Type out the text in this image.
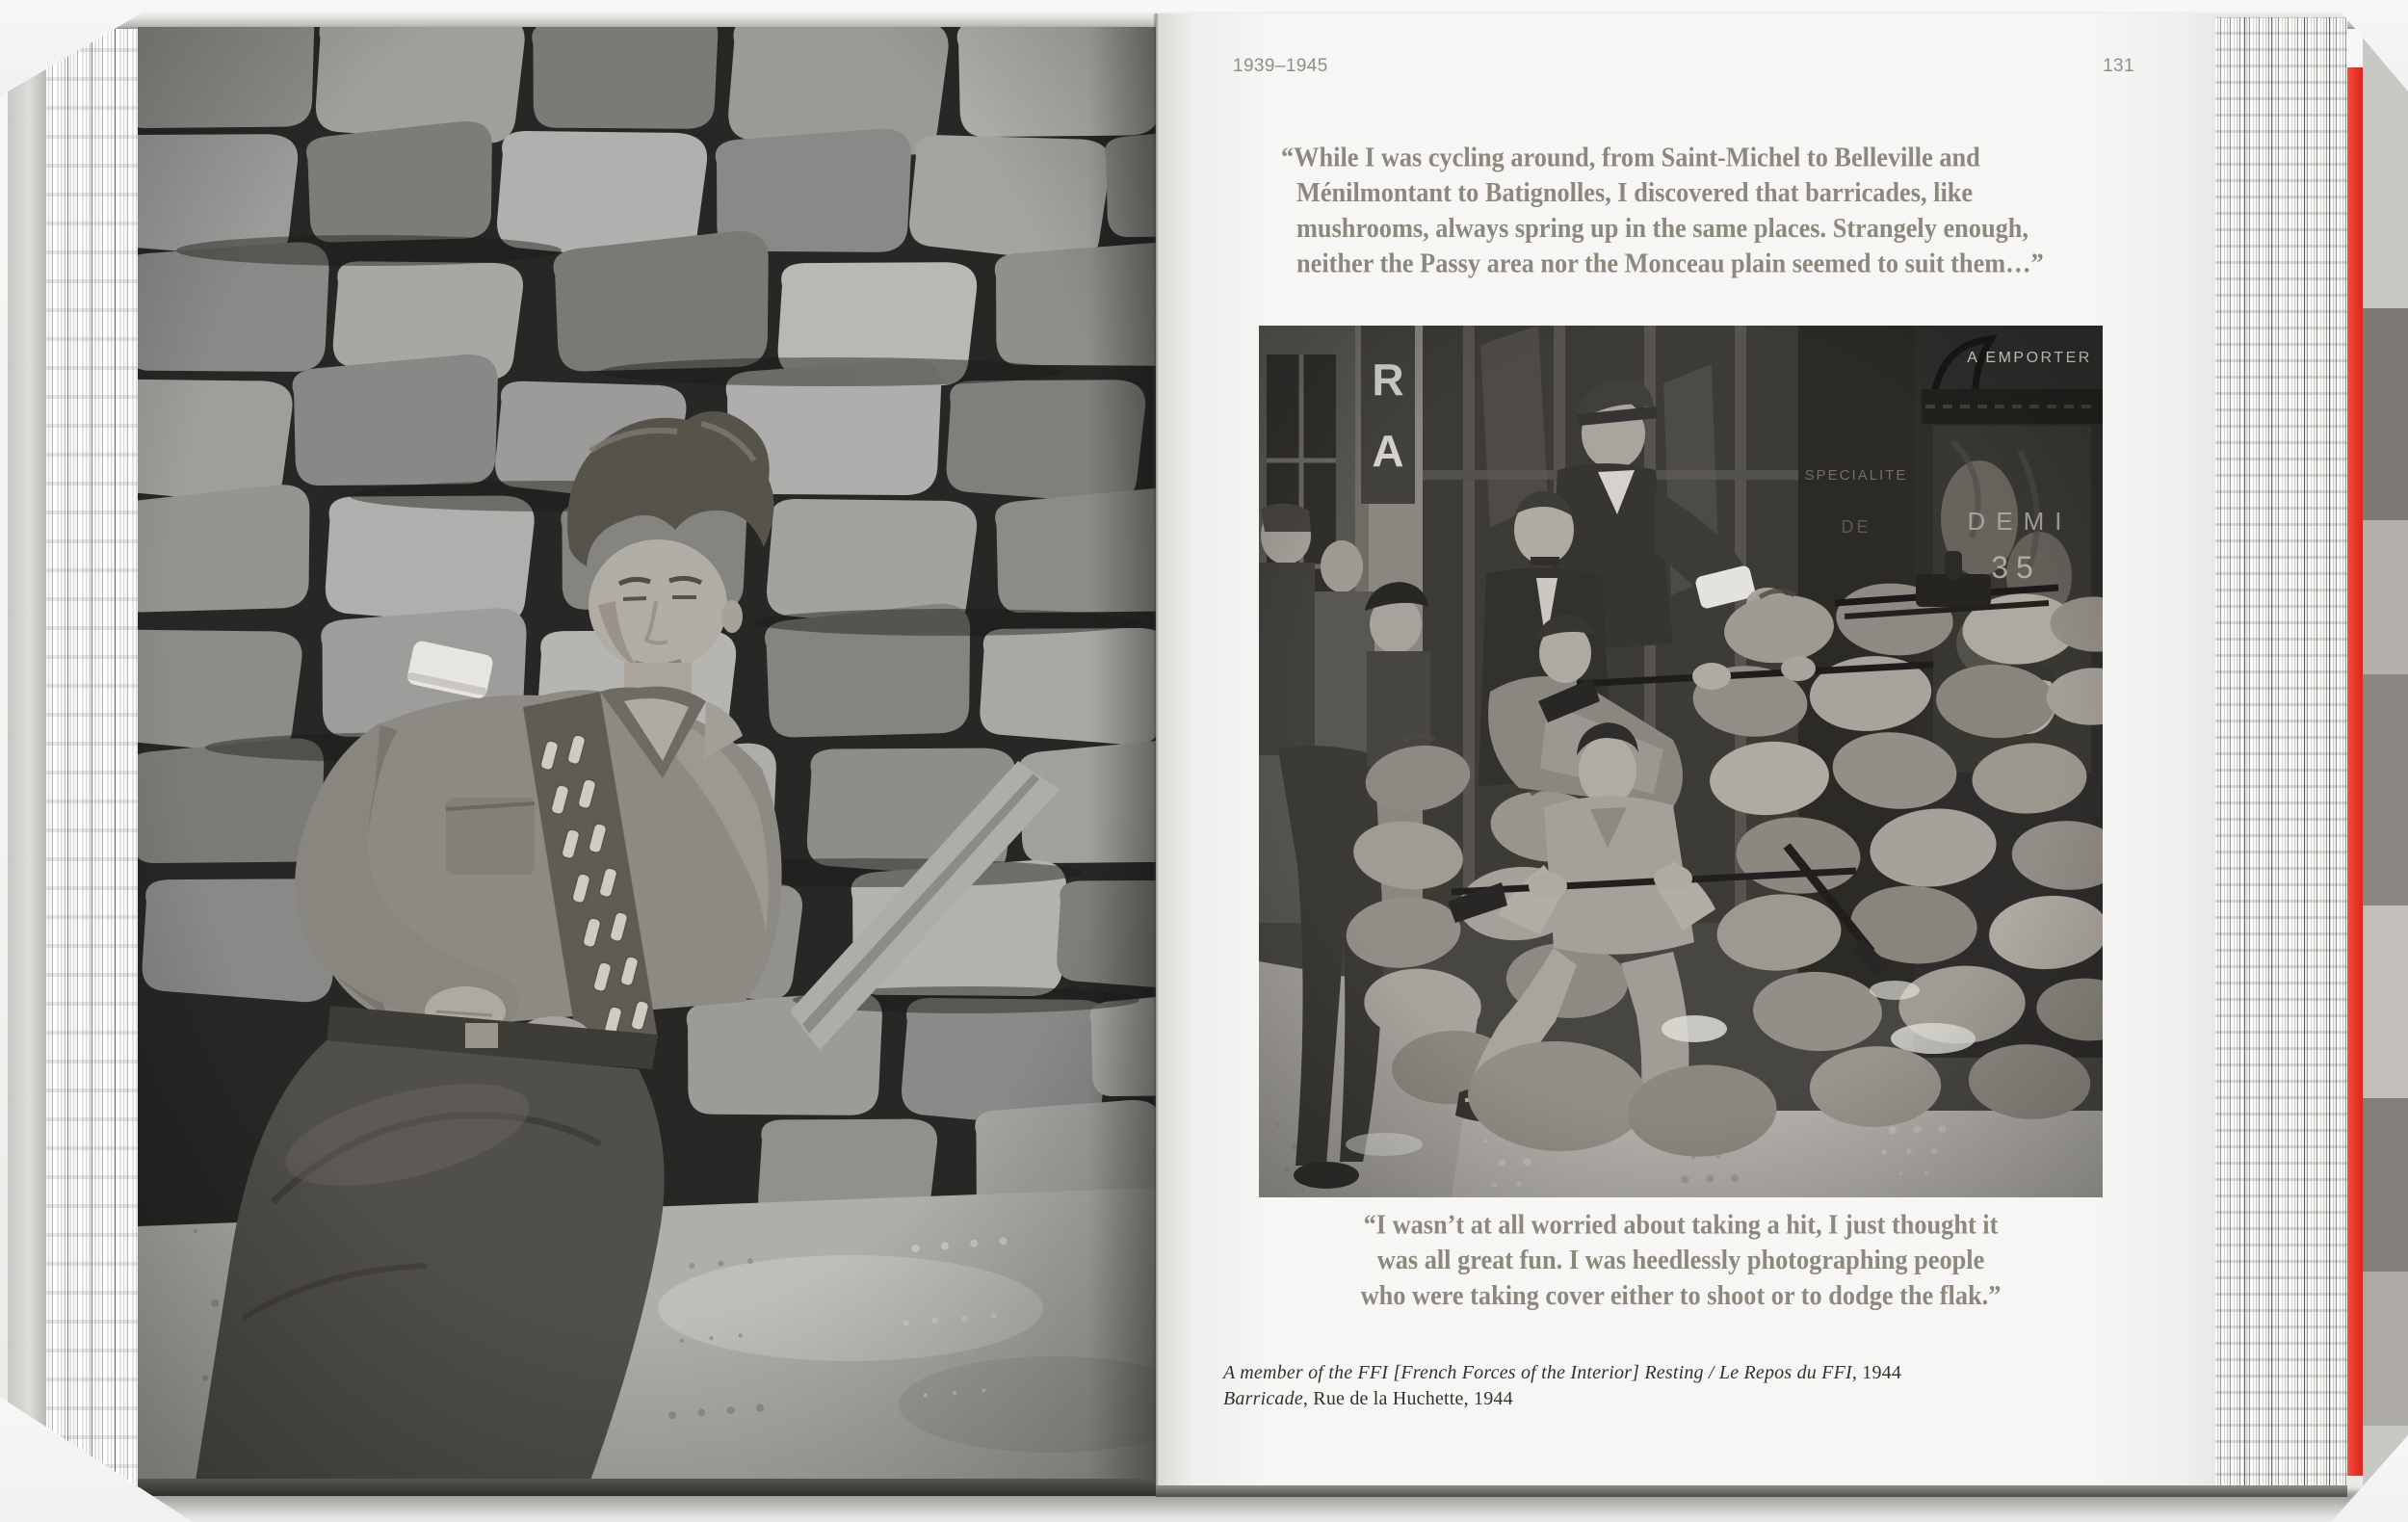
1939–1945	131
“While I was cycling around, from Saint-Michel to Belleville and
Ménilmontant to Batignolles, I discovered that barricades, like
mushrooms, always spring up in the same places. Strangely enough,
neither the Passy area nor the Monceau plain seemed to suit them…”
“I wasn’t at all worried about taking a hit, I just thought it
was all great fun. I was heedlessly photographing people
who were taking cover either to shoot or to dodge the flak.”
A member of the FFI [French Forces of the Interior] Resting / Le Repos du FFI, 1944
Barricade, Rue de la Huchette, 1944
